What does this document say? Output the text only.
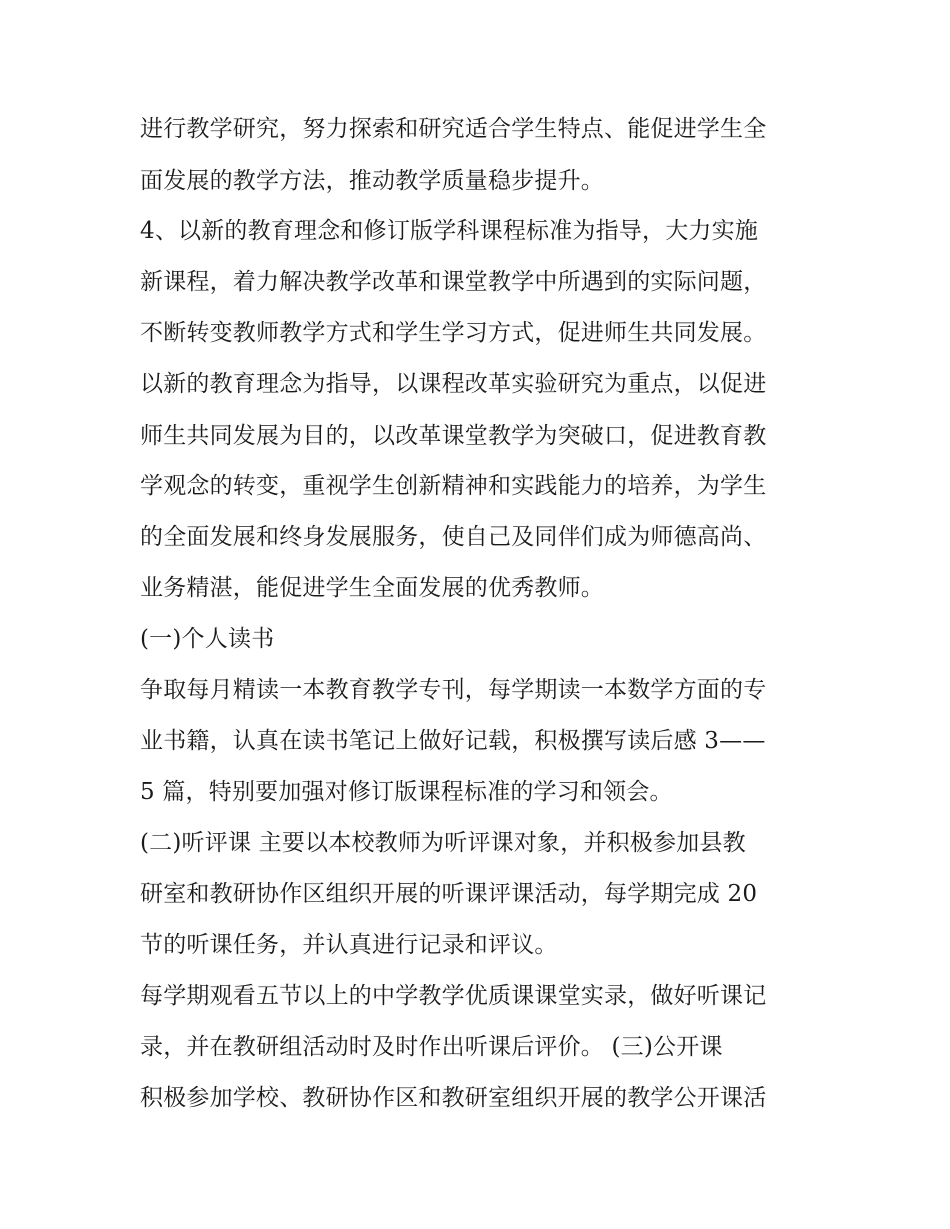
进行教学研究，努力探索和研究适合学生特点、能促进学生全
面发展的教学方法，推动教学质量稳步提升。
4、以新的教育理念和修订版学科课程标准为指导，大力实施
新课程，着力解决教学改革和课堂教学中所遇到的实际问题，
不断转变教师教学方式和学生学习方式，促进师生共同发展。
以新的教育理念为指导，以课程改革实验研究为重点，以促进
师生共同发展为目的，以改革课堂教学为突破口，促进教育教
学观念的转变，重视学生创新精神和实践能力的培养，为学生
的全面发展和终身发展服务，使自己及同伴们成为师德高尚、
业务精湛，能促进学生全面发展的优秀教师。
(一)个人读书
争取每月精读一本教育教学专刊，每学期读一本数学方面的专
业书籍，认真在读书笔记上做好记载，积极撰写读后感 3——
5 篇，特别要加强对修订版课程标准的学习和领会。
(二)听评课 主要以本校教师为听评课对象，并积极参加县教
研室和教研协作区组织开展的听课评课活动，每学期完成 20
节的听课任务，并认真进行记录和评议。
每学期观看五节以上的中学教学优质课课堂实录，做好听课记
录，并在教研组活动时及时作出听课后评价。 (三)公开课
积极参加学校、教研协作区和教研室组织开展的教学公开课活
